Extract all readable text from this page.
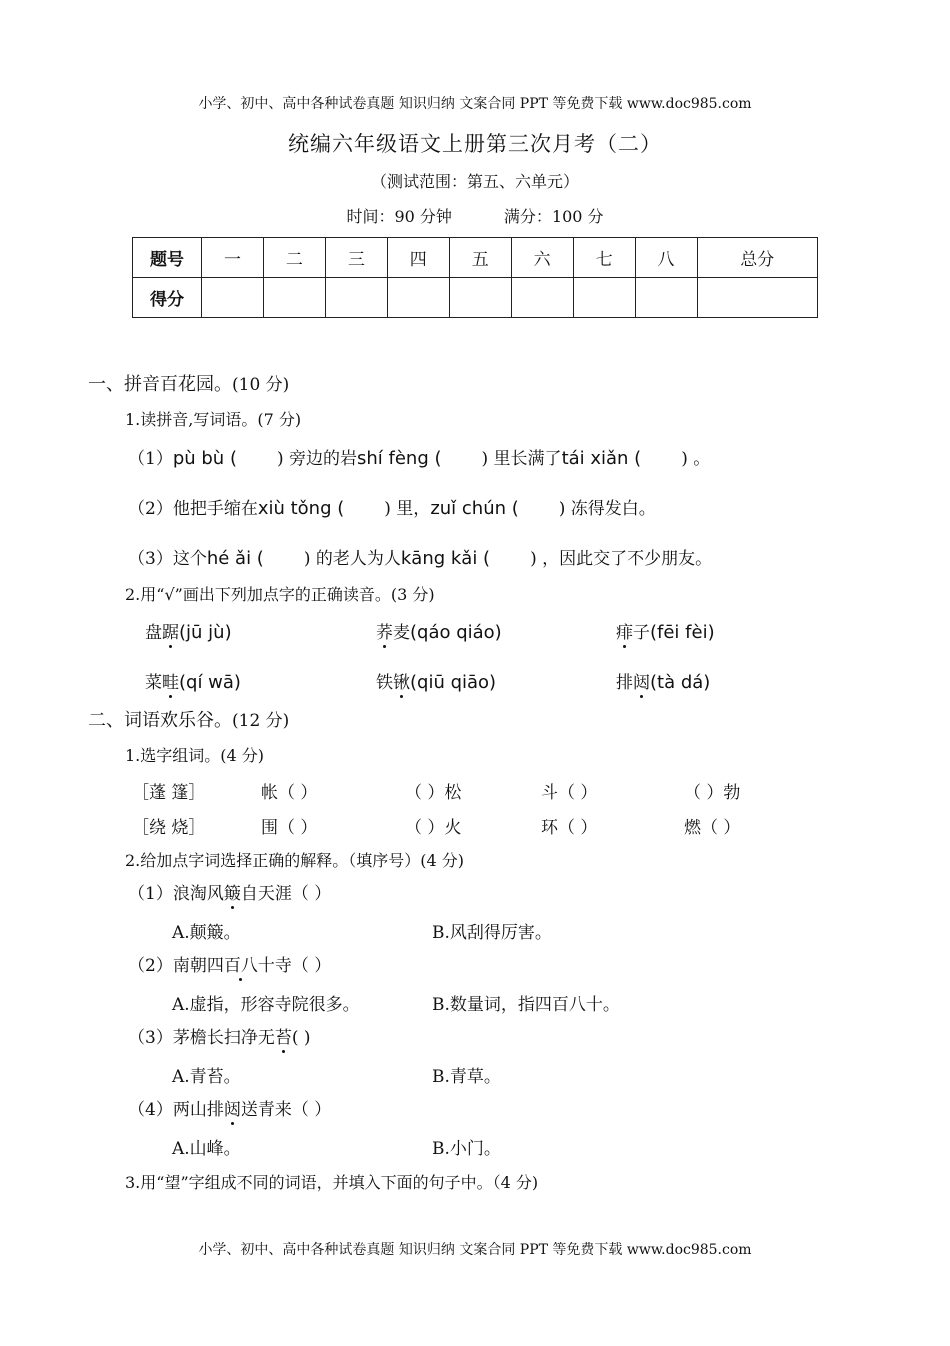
小学、初中、高中各种试卷真题 知识归纳 文案合同 PPT 等免费下载 www.doc985.com
统编六年级语文上册第三次月考（二）
（测试范围：第五、六单元）
时间：90 分钟	满分：100 分
题号	一	二	三	四	五	六	七	八	总分
得分									
一、拼音百花园。(10 分)
1.读拼音,写词语。(7 分)
（1）pù bù ( ) 旁边的岩shí fèng ( ) 里长满了tái xiǎn ( ) 。
（2）他把手缩在xiù tǒng ( ) 里，zuǐ chún ( ) 冻得发白。
（3）这个hé ǎi ( ) 的老人为人kāng kǎi ( ) ，因此交了不少朋友。
2.用“√”画出下列加点字的正确读音。(3 分)
盘踞(jū jù)	荞麦(qáo qiáo)	痱子(fēi fèi)
菜畦(qí wā)	铁锹(qiū qiāo)	排闼(tà dá)
二、词语欢乐谷。(12 分)
1.选字组词。(4 分)
［蓬 篷］	帐（ ）	（ ）松	斗（ ）	（ ）勃
［绕 烧］	围（ ）	（ ）火	环（ ）	燃（ ）
2.给加点字词选择正确的解释。（填序号）(4 分)
（1）浪淘风簸自天涯（ ）
A.颠簸。	B.风刮得厉害。
（2）南朝四百八十寺（ ）
A.虚指，形容寺院很多。	B.数量词，指四百八十。
（3）茅檐长扫净无苔( )
A.青苔。	B.青草。
（4）两山排闼送青来（ ）
A.山峰。	B.小门。
3.用“望”字组成不同的词语，并填入下面的句子中。（4 分)
小学、初中、高中各种试卷真题 知识归纳 文案合同 PPT 等免费下载 www.doc985.com
